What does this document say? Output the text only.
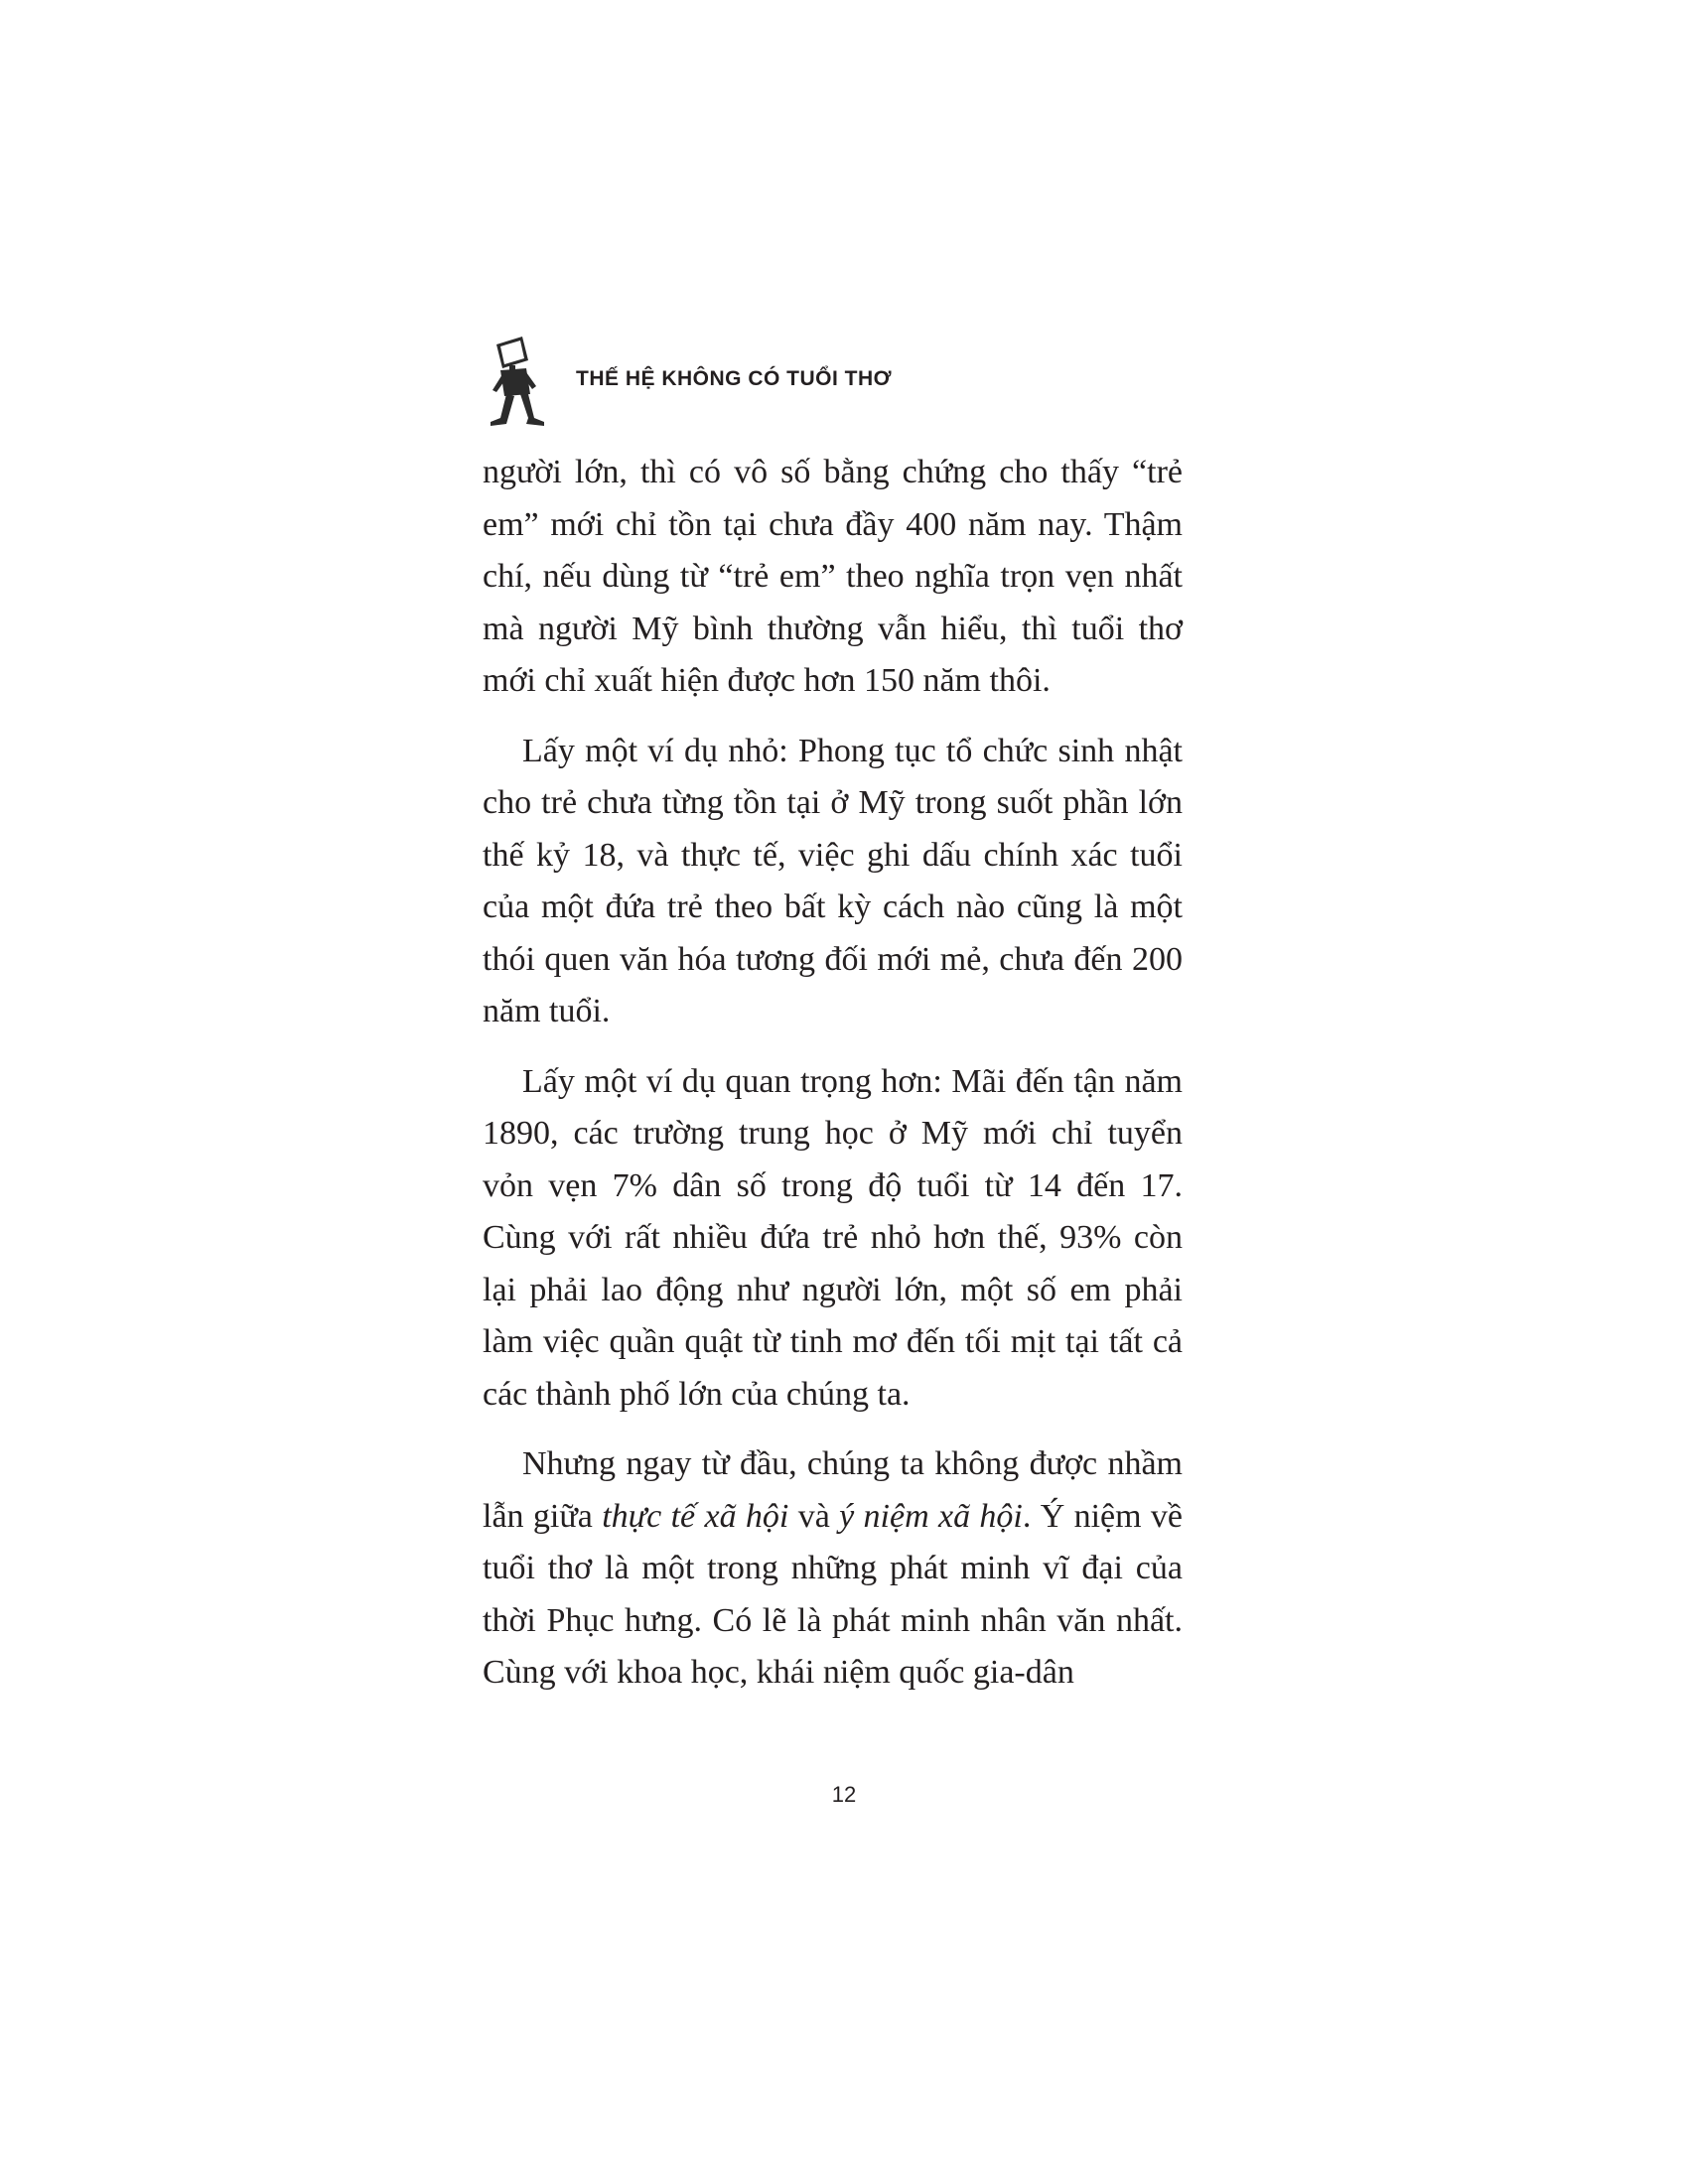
THẾ HỆ KHÔNG CÓ TUỔI THƠ

người lớn, thì có vô số bằng chứng cho thấy “trẻ em” mới chỉ tồn tại chưa đầy 400 năm nay. Thậm chí, nếu dùng từ “trẻ em” theo nghĩa trọn vẹn nhất mà người Mỹ bình thường vẫn hiểu, thì tuổi thơ mới chỉ xuất hiện được hơn 150 năm thôi.

Lấy một ví dụ nhỏ: Phong tục tổ chức sinh nhật cho trẻ chưa từng tồn tại ở Mỹ trong suốt phần lớn thế kỷ 18, và thực tế, việc ghi dấu chính xác tuổi của một đứa trẻ theo bất kỳ cách nào cũng là một thói quen văn hóa tương đối mới mẻ, chưa đến 200 năm tuổi.

Lấy một ví dụ quan trọng hơn: Mãi đến tận năm 1890, các trường trung học ở Mỹ mới chỉ tuyển vỏn vẹn 7% dân số trong độ tuổi từ 14 đến 17. Cùng với rất nhiều đứa trẻ nhỏ hơn thế, 93% còn lại phải lao động như người lớn, một số em phải làm việc quần quật từ tinh mơ đến tối mịt tại tất cả các thành phố lớn của chúng ta.

Nhưng ngay từ đầu, chúng ta không được nhầm lẫn giữa thực tế xã hội và ý niệm xã hội. Ý niệm về tuổi thơ là một trong những phát minh vĩ đại của thời Phục hưng. Có lẽ là phát minh nhân văn nhất. Cùng với khoa học, khái niệm quốc gia-dân

12
